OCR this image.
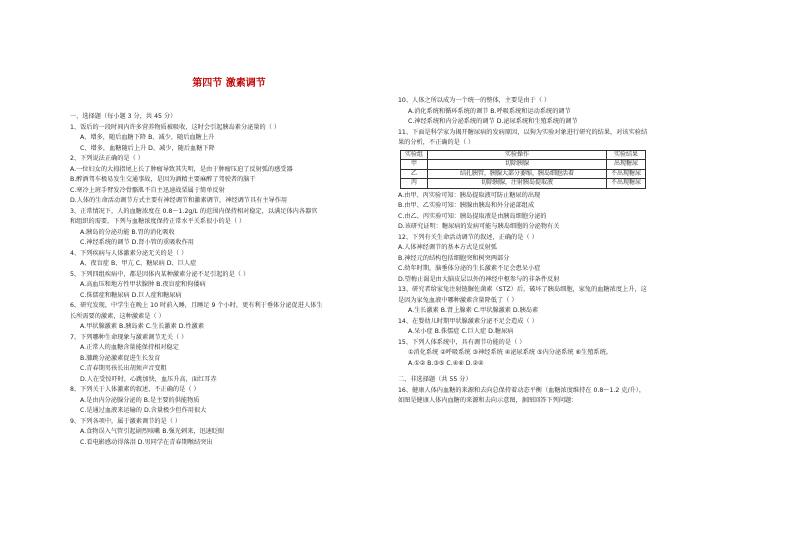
第四节 激素调节
一、选择题（每小题 3 分，共 45 分）
1、饭后的一段时间内许多营养物质被吸收，这时会引起胰岛素分泌量的（ ）
A、增多，随后血糖下降 B、减少，随后血糖上升
C、增多，血糖随后上升 D、减少，随后血糖下降
2、下列说法正确的是（ ）
A.一位妇女的大拇指尾上长了肿瘤导致其失明，是由于肿瘤压迫了反射弧的感受器
B.醉酒驾车极易发生交通事故，是因为酒精主要麻醉了驾驶者的脑干
C.寒冷上班手臂发冷骨骼肌不自主迅速战栗属于简单反射
D.人体的生命活动调节方式主要有神经调节和激素调节，神经调节具有主导作用
3、正常情况下，人的血糖浓度在 0.8～1.2g/L 的范围内保持相对稳定，以满足体内各器官
和组织的需要。下列与血糖浓度保持正常水平关系很小的是（ ）
A.胰岛的分泌功能 B.胃的消化吸收
C.神经系统的调节 D.肾小管的重吸收作用
4、下列疾病与人体激素分泌无关的是（ ）
A、夜盲症 B、甲亢 C、糖尿病 D、巨人症
5、下列四组疾病中，都是因体内某种激素分泌不足引起的是（ ）
A.高血压和地方性甲状腺肿 B.夜盲症和佝偻病
C.侏儒症和糖尿病 D.巨人症和糖尿病
6、研究发现，中学生在晚上 10 时前入睡，且睡足 9 个小时，更有利于垂体分泌促进人体生
长所需要的激素，这种激素是（ ）
A.甲状腺激素 B.胰岛素 C.生长激素 D.性激素
7、下列哪种生命现象与激素调节无关（ ）
A.正常人的血糖含量能保持相对稳定
B.膝跳分泌激素促进生长发育
C.青春期男孩长出胡须声音变粗
D.人在受惊吓时，心跳加快，血压升高，面红耳赤
8、下列关于人体激素的叙述，不正确的是（ ）
A.是由内分泌腺分泌的 B.是主要的供能物质
C.是通过血液来运输的 D.含量极少但作用很大
9、下列各项中，属于激素调节的是（ ）
A.食物误入气管引起剧烈咳嗽 B.强光刺来，迅速眨眼
C.看电影感动得落泪 D.男同学在青春期喉结突出
10、人体之所以成为一个统一的整体，主要是由于（ ）
A.消化系统和循环系统的调节 B.呼吸系统和运动系统的调节
C.神经系统和内分泌系统的调节 D.泌尿系统和生殖系统的调节
11、下面是科学家为揭开糖尿病的发病原因，以狗为实验对象进行研究的结果，对该实验结
果的分析，不正确的是（ ）
实验组	实验操作	实验结果
甲	切除胰腺	出现糖尿
乙	结扎胰管，胰腺大部分萎缩，胰岛细胞活着	不出现糖尿
丙	切除胰腺，注射胰岛提取液	不出现糖尿
A.由甲、丙实验可知：胰岛提取液可防止糖尿的出现
B.由甲、乙实验可知：胰腺由胰岛和外分泌部组成
C.由乙、丙实验可知：胰岛提取液是由胰岛细胞分泌的
D.该研究证明：糖尿病的发病可能与胰岛细胞的分泌物有关
12、下列有关生命活动调节的叙述，正确的是（ ）
A.人体神经调节的基本方式是反射弧
B.神经元的结构包括细胞突和树突两部分
C.幼年时期，脑垂体分泌的生长激素不足会患呆小症
D.望梅止渴是由大脑皮层以外的神经中枢参与的非条件反射
13、研究者给家兔注射链脲佐菌素（STZ）后，破坏了胰岛细胞，家兔的血糖浓度上升，这
是因为家兔血液中哪种激素含量降低了（ ）
A.生长激素 B.肾上腺素 C.甲状腺激素 D.胰岛素
14、在婴幼儿时期甲状腺激素分泌不足会造成（ ）
A.呆小症 B.侏儒症 C.巨人症 D.糖尿病
15、下列人体系统中，具有调节功能的是（ ）
①消化系统 ②呼吸系统 ③神经系统 ④泌尿系统 ⑤内分泌系统 ⑥生殖系统。
A.①② B.③⑤ C.④⑥ D.②④
二、非选择题（共 55 分）
16、健康人体内血糖的来源和去向总保持着动态平衡（血糖浓度维持在 0.8～1.2 克/升），
如图是健康人体内血糖的来源和去向示意图，据图回答下列问题：
